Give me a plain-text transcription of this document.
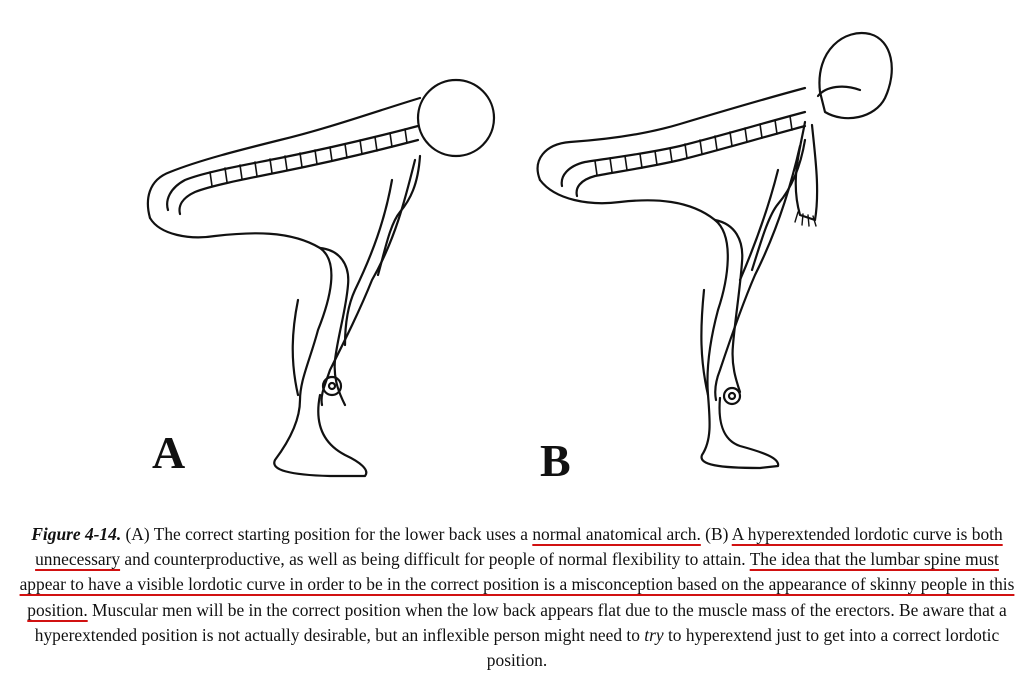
A	B

Figure 4-14. (A) The correct starting position for the lower back uses a normal anatomical arch. (B) A hyperextended lordotic curve is both unnecessary and counterproductive, as well as being difficult for people of normal flexibility to attain. The idea that the lumbar spine must appear to have a visible lordotic curve in order to be in the correct position is a misconception based on the appearance of skinny people in this position. Muscular men will be in the correct position when the low back appears flat due to the muscle mass of the erectors. Be aware that a hyperextended position is not actually desirable, but an inflexible person might need to try to hyperextend just to get into a correct lordotic position.
